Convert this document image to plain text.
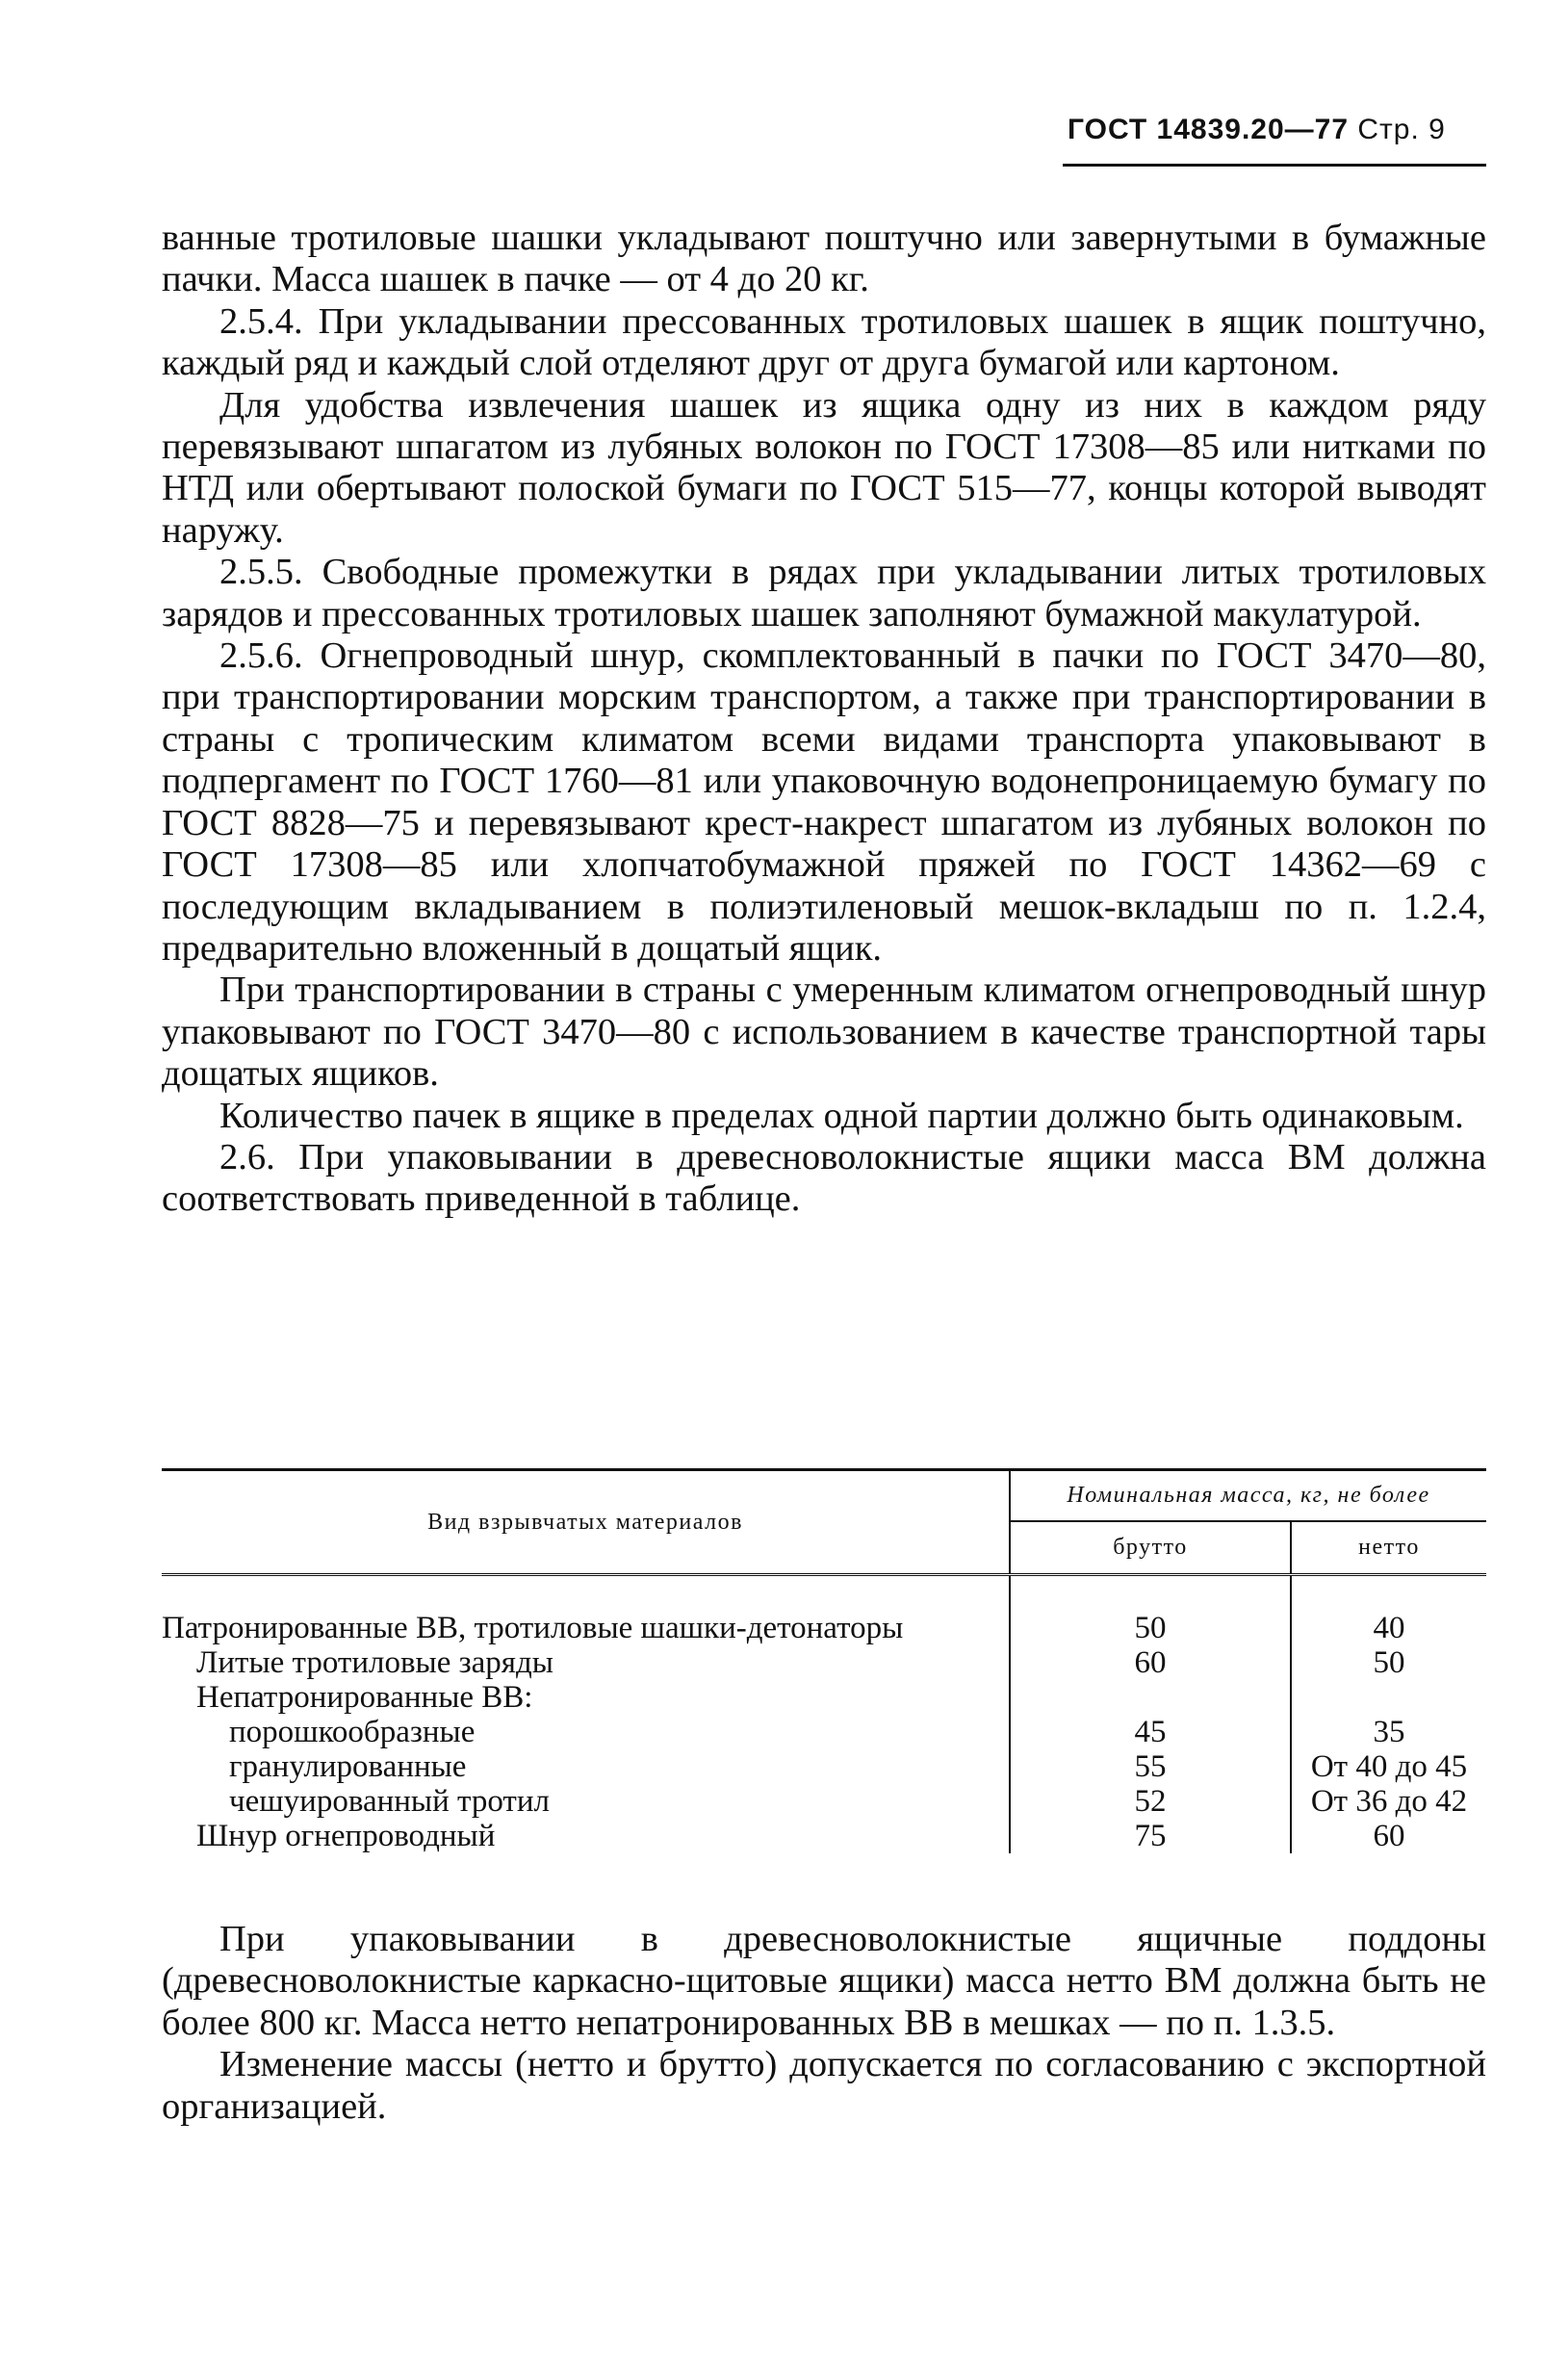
ГОСТ 14839.20—77 Стр. 9

ванные тротиловые шашки укладывают поштучно или завернутыми в бумажные пачки. Масса шашек в пачке — от 4 до 20 кг.

2.5.4. При укладывании прессованных тротиловых шашек в ящик поштучно, каждый ряд и каждый слой отделяют друг от друга бумагой или картоном.

Для удобства извлечения шашек из ящика одну из них в каждом ряду перевязывают шпагатом из лубяных волокон по ГОСТ 17308—85 или нитками по НТД или обертывают полоской бумаги по ГОСТ 515—77, концы которой выводят наружу.

2.5.5. Свободные промежутки в рядах при укладывании литых тротиловых зарядов и прессованных тротиловых шашек заполняют бумажной макулатурой.

2.5.6. Огнепроводный шнур, скомплектованный в пачки по ГОСТ 3470—80, при транспортировании морским транспортом, а также при транспортировании в страны с тропическим климатом всеми видами транспорта упаковывают в подпергамент по ГОСТ 1760—81 или упаковочную водонепроницаемую бумагу по ГОСТ 8828—75 и перевязывают крест-накрест шпагатом из лубяных волокон по ГОСТ 17308—85 или хлопчатобумажной пряжей по ГОСТ 14362—69 с последующим вкладыванием в полиэтиленовый мешок-вкладыш по п. 1.2.4, предварительно вложенный в дощатый ящик.

При транспортировании в страны с умеренным климатом огнепроводный шнур упаковывают по ГОСТ 3470—80 с использованием в качестве транспортной тары дощатых ящиков.

Количество пачек в ящике в пределах одной партии должно быть одинаковым.

2.6. При упаковывании в древесноволокнистые ящики масса ВМ должна соответствовать приведенной в таблице.

Вид взрывчатых материалов	Номинальная масса, кг, не более	
	брутто	нетто

Патронированные ВВ, тротиловые шашки-детонаторы	50	40
Литые тротиловые заряды	60	50
Непатронированные ВВ:		
порошкообразные	45	35
гранулированные	55	От 40 до 45
чешуированный тротил	52	От 36 до 42
Шнур огнепроводный	75	60

При упаковывании в древесноволокнистые ящичные поддоны (древесноволокнистые каркасно-щитовые ящики) масса нетто ВМ должна быть не более 800 кг. Масса нетто непатронированных ВВ в мешках — по п. 1.3.5.

Изменение массы (нетто и брутто) допускается по согласованию с экспортной организацией.
